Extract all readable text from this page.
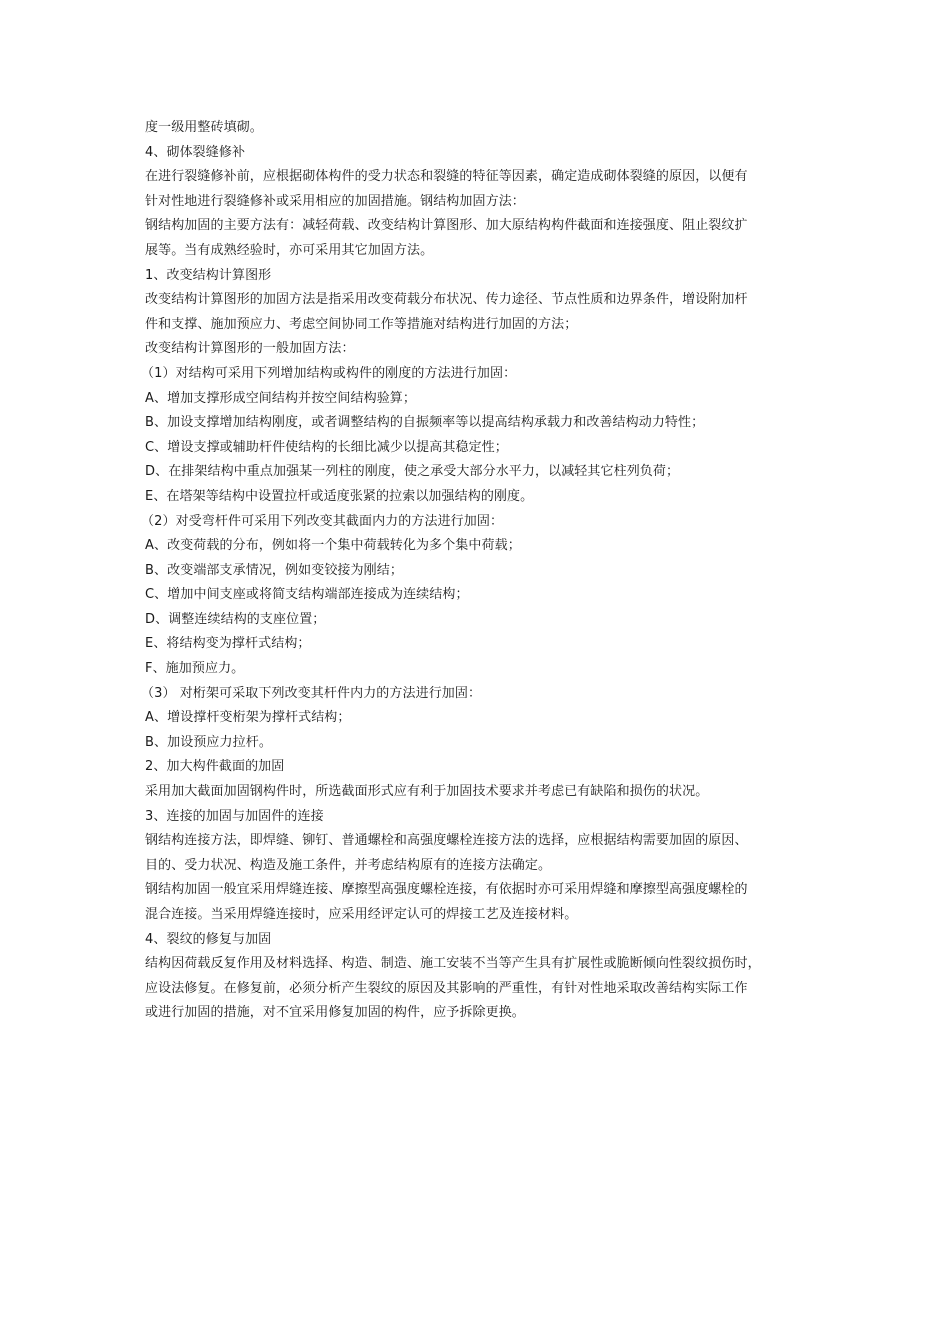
度一级用整砖填砌。
4、砌体裂缝修补
在进行裂缝修补前，应根据砌体构件的受力状态和裂缝的特征等因素，确定造成砌体裂缝的原因，以便有
针对性地进行裂缝修补或采用相应的加固措施。钢结构加固方法：
钢结构加固的主要方法有：减轻荷载、改变结构计算图形、加大原结构构件截面和连接强度、阻止裂纹扩
展等。当有成熟经验时，亦可采用其它加固方法。
1、改变结构计算图形
改变结构计算图形的加固方法是指采用改变荷载分布状况、传力途径、节点性质和边界条件，增设附加杆
件和支撑、施加预应力、考虑空间协同工作等措施对结构进行加固的方法；
改变结构计算图形的一般加固方法：
（1）对结构可采用下列增加结构或构件的刚度的方法进行加固：
A、增加支撑形成空间结构并按空间结构验算；
B、加设支撑增加结构刚度，或者调整结构的自振频率等以提高结构承载力和改善结构动力特性；
C、增设支撑或辅助杆件使结构的长细比减少以提高其稳定性；
D、在排架结构中重点加强某一列柱的刚度，使之承受大部分水平力，以减轻其它柱列负荷；
E、在塔架等结构中设置拉杆或适度张紧的拉索以加强结构的刚度。
（2）对受弯杆件可采用下列改变其截面内力的方法进行加固：
A、改变荷载的分布，例如将一个集中荷载转化为多个集中荷载；
B、改变端部支承情况，例如变铰接为刚结；
C、增加中间支座或将简支结构端部连接成为连续结构；
D、调整连续结构的支座位置；
E、将结构变为撑杆式结构；
F、施加预应力。
（3） 对桁架可采取下列改变其杆件内力的方法进行加固：
A、增设撑杆变桁架为撑杆式结构；
B、加设预应力拉杆。
2、加大构件截面的加固
采用加大截面加固钢构件时，所选截面形式应有利于加固技术要求并考虑已有缺陷和损伤的状况。
3、连接的加固与加固件的连接
钢结构连接方法，即焊缝、铆钉、普通螺栓和高强度螺栓连接方法的选择，应根据结构需要加固的原因、
目的、受力状况、构造及施工条件，并考虑结构原有的连接方法确定。
钢结构加固一般宜采用焊缝连接、摩擦型高强度螺栓连接，有依据时亦可采用焊缝和摩擦型高强度螺栓的
混合连接。当采用焊缝连接时，应采用经评定认可的焊接工艺及连接材料。
4、裂纹的修复与加固
结构因荷载反复作用及材料选择、构造、制造、施工安装不当等产生具有扩展性或脆断倾向性裂纹损伤时，
应设法修复。在修复前，必须分析产生裂纹的原因及其影响的严重性，有针对性地采取改善结构实际工作
或进行加固的措施，对不宜采用修复加固的构件，应予拆除更换。
